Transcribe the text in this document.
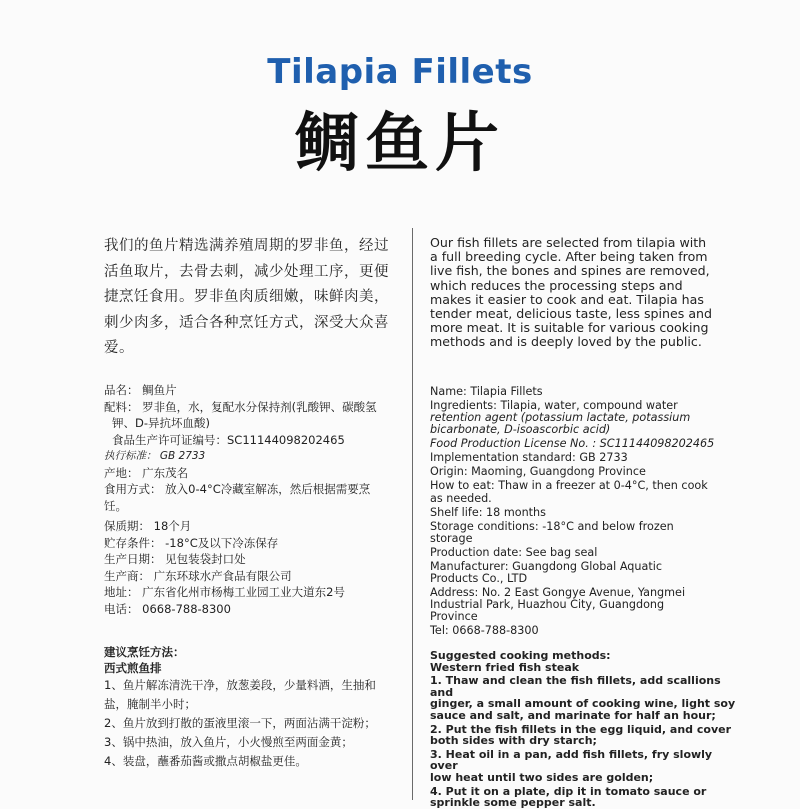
Tilapia Fillets
鲷鱼片
我们的鱼片精选满养殖周期的罗非鱼，经过
活鱼取片，去骨去刺，减少处理工序，更便
捷烹饪食用。罗非鱼肉质细嫩，味鲜肉美，
刺少肉多，适合各种烹饪方式，深受大众喜
爱。
Our fish fillets are selected from tilapia with
a full breeding cycle. After being taken from
live fish, the bones and spines are removed,
which reduces the processing steps and
makes it easier to cook and eat. Tilapia has
tender meat, delicious taste, less spines and
more meat. It is suitable for various cooking
methods and is deeply loved by the public.
品名： 鲷鱼片
配料： 罗非鱼，水，复配水分保持剂(乳酸钾、碳酸氢
钾、D-异抗坏血酸)
食品生产许可证编号：SC11144098202465
执行标准： GB 2733
产地： 广东茂名
食用方式： 放入0-4°C冷藏室解冻，然后根据需要烹
饪。
保质期： 18个月
贮存条件： -18°C及以下冷冻保存
生产日期： 见包装袋封口处
生产商： 广东环球水产食品有限公司
地址： 广东省化州市杨梅工业园工业大道东2号
电话： 0668-788-8300
Name: Tilapia Fillets
Ingredients: Tilapia, water, compound water
retention agent (potassium lactate, potassium
bicarbonate, D-isoascorbic acid)
Food Production License No. : SC11144098202465
Implementation standard: GB 2733
Origin: Maoming, Guangdong Province
How to eat: Thaw in a freezer at 0-4°C, then cook
as needed.
Shelf life: 18 months
Storage conditions: -18°C and below frozen
storage
Production date: See bag seal
Manufacturer: Guangdong Global Aquatic
Products Co., LTD
Address: No. 2 East Gongye Avenue, Yangmei
Industrial Park, Huazhou City, Guangdong
Province
Tel: 0668-788-8300
建议烹饪方法：
西式煎鱼排
1、鱼片解冻清洗干净，放葱姜段，少量料酒，生抽和
盐，腌制半小时；
2、鱼片放到打散的蛋液里滚一下，两面沾满干淀粉；
3、锅中热油，放入鱼片，小火慢煎至两面金黄；
4、装盘，蘸番茄酱或撒点胡椒盐更佳。
Suggested cooking methods:
Western fried fish steak
1. Thaw and clean the fish fillets, add scallions and
ginger, a small amount of cooking wine, light soy
sauce and salt, and marinate for half an hour;
2. Put the fish fillets in the egg liquid, and cover
both sides with dry starch;
3. Heat oil in a pan, add fish fillets, fry slowly over
low heat until two sides are golden;
4. Put it on a plate, dip it in tomato sauce or
sprinkle some pepper salt.
